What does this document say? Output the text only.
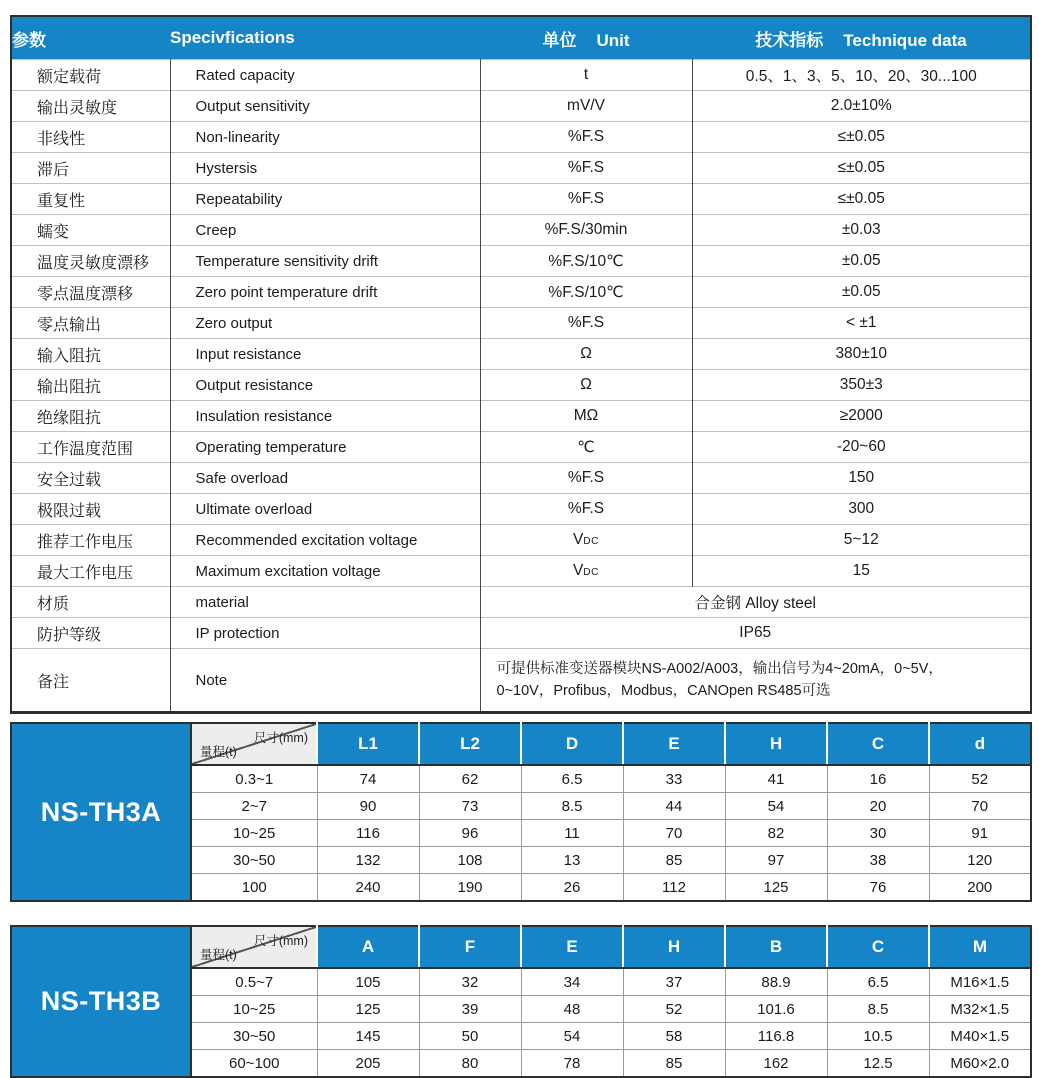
参数	Specivfications	单位 Unit	技术指标 Technique data
额定载荷	Rated capacity	t	0.5、1、3、5、10、20、30...100
输出灵敏度	Output sensitivity	mV/V	2.0±10%
非线性	Non-linearity	%F.S	≤±0.05
滞后	Hystersis	%F.S	≤±0.05
重复性	Repeatability	%F.S	≤±0.05
蠕变	Creep	%F.S/30min	±0.03
温度灵敏度漂移	Temperature sensitivity drift	%F.S/10℃	±0.05
零点温度漂移	Zero point temperature drift	%F.S/10℃	±0.05
零点输出	Zero output	%F.S	< ±1
输入阻抗	Input resistance	Ω	380±10
输出阻抗	Output resistance	Ω	350±3
绝缘阻抗	Insulation resistance	MΩ	≥2000
工作温度范围	Operating temperature	℃	-20~60
安全过载	Safe overload	%F.S	150
极限过载	Ultimate overload	%F.S	300
推荐工作电压	Recommended excitation voltage	VDC	5~12
最大工作电压	Maximum excitation voltage	VDC	15
材质	material	合金钢 Alloy steel	
防护等级	IP protection	IP65	
备注	Note	可提供标准变送器模块NS-A002/A003，输出信号为4~20mA，0~5V，
0~10V，Profibus，Modbus，CANOpen RS485可选	
NS-TH3A	尺寸(mm)
量程(t)	L1	L2	D	E	H	C	d
	0.3~1	74	62	6.5	33	41	16	52
	2~7	90	73	8.5	44	54	20	70
	10~25	116	96	11	70	82	30	91
	30~50	132	108	13	85	97	38	120
	100	240	190	26	112	125	76	200
NS-TH3B	尺寸(mm)
量程(t)	A	F	E	H	B	C	M
	0.5~7	105	32	34	37	88.9	6.5	M16×1.5
	10~25	125	39	48	52	101.6	8.5	M32×1.5
	30~50	145	50	54	58	116.8	10.5	M40×1.5
	60~100	205	80	78	85	162	12.5	M60×2.0
